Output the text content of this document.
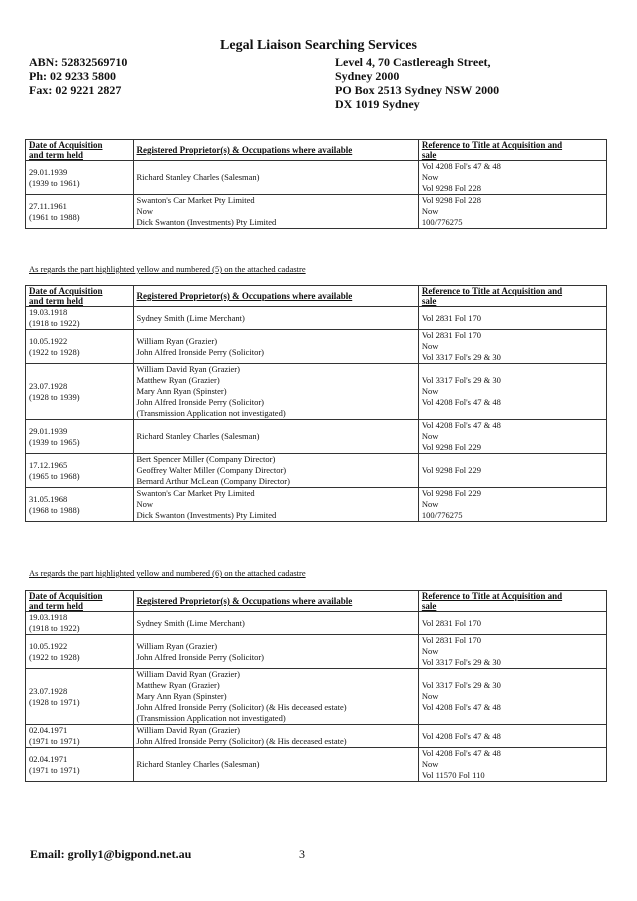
Legal Liaison Searching Services
ABN: 52832569710
Ph: 02 9233 5800
Fax: 02 9221 2827
Level 4, 70 Castlereagh Street,
Sydney 2000
PO Box 2513 Sydney NSW 2000
DX 1019 Sydney
Date of Acquisition
and term held	Registered Proprietor(s) & Occupations where available	Reference to Title at Acquisition and
sale

29.01.1939
(1939 to 1961)	Richard Stanley Charles (Salesman)	Vol 4208 Fol's 47 & 48
Now
Vol 9298 Fol 228

27.11.1961
(1961 to 1988)	Swanton's Car Market Pty Limited
Now
Dick Swanton (Investments) Pty Limited	Vol 9298 Fol 228
Now
100/776275
As regards the part highlighted yellow and numbered (5) on the attached cadastre
Date of Acquisition
and term held	Registered Proprietor(s) & Occupations where available	Reference to Title at Acquisition and
sale

19.03.1918
(1918 to 1922)	Sydney Smith (Lime Merchant)	Vol 2831 Fol 170

10.05.1922
(1922 to 1928)	William Ryan (Grazier)
John Alfred Ironside Perry (Solicitor)	Vol 2831 Fol 170
Now
Vol 3317 Fol's 29 & 30

23.07.1928
(1928 to 1939)	William David Ryan (Grazier)
Matthew Ryan (Grazier)
Mary Ann Ryan (Spinster)
John Alfred Ironside Perry (Solicitor)
(Transmission Application not investigated)	Vol 3317 Fol's 29 & 30
Now
Vol 4208 Fol's 47 & 48

29.01.1939
(1939 to 1965)	Richard Stanley Charles (Salesman)	Vol 4208 Fol's 47 & 48
Now
Vol 9298 Fol 229

17.12.1965
(1965 to 1968)	Bert Spencer Miller (Company Director)
Geoffrey Walter Miller (Company Director)
Bernard Arthur McLean (Company Director)	Vol 9298 Fol 229

31.05.1968
(1968 to 1988)	Swanton's Car Market Pty Limited
Now
Dick Swanton (Investments) Pty Limited	Vol 9298 Fol 229
Now
100/776275
As regards the part highlighted yellow and numbered (6) on the attached cadastre
Date of Acquisition
and term held	Registered Proprietor(s) & Occupations where available	Reference to Title at Acquisition and
sale

19.03.1918
(1918 to 1922)	Sydney Smith (Lime Merchant)	Vol 2831 Fol 170

10.05.1922
(1922 to 1928)	William Ryan (Grazier)
John Alfred Ironside Perry (Solicitor)	Vol 2831 Fol 170
Now
Vol 3317 Fol's 29 & 30

23.07.1928
(1928 to 1971)	William David Ryan (Grazier)
Matthew Ryan (Grazier)
Mary Ann Ryan (Spinster)
John Alfred Ironside Perry (Solicitor) (& His deceased estate)
(Transmission Application not investigated)	Vol 3317 Fol's 29 & 30
Now
Vol 4208 Fol's 47 & 48

02.04.1971
(1971 to 1971)	William David Ryan (Grazier)
John Alfred Ironside Perry (Solicitor) (& His deceased estate)	Vol 4208 Fol's 47 & 48

02.04.1971
(1971 to 1971)	Richard Stanley Charles (Salesman)	Vol 4208 Fol's 47 & 48
Now
Vol 11570 Fol 110
Email: grolly1@bigpond.net.au	3
